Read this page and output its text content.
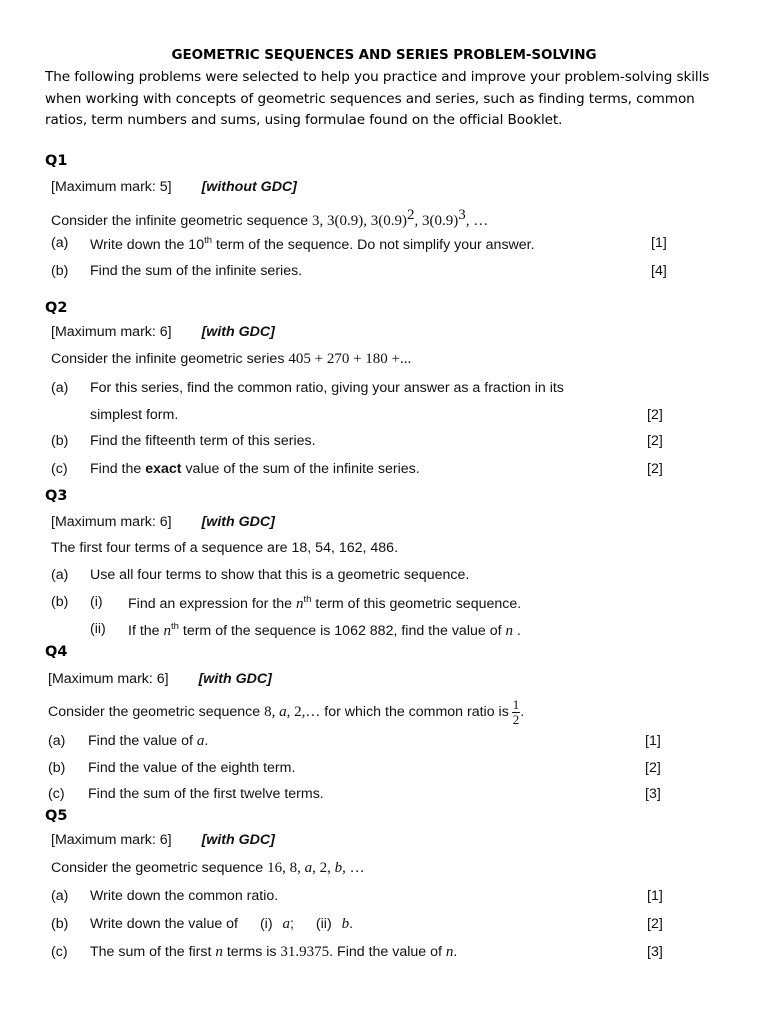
GEOMETRIC SEQUENCES AND SERIES PROBLEM-SOLVING
The following problems were selected to help you practice and improve your problem-solving skills when working with concepts of geometric sequences and series, such as finding terms, common ratios, term numbers and sums, using formulae found on the official Booklet.
Q1
[Maximum mark: 5] [without GDC]
Consider the infinite geometric sequence 3, 3(0.9), $3(0.9)^2$, $3(0.9)^3$, …
(a) Write down the 10th term of the sequence. Do not simplify your answer.	[1]
(b) Find the sum of the infinite series.	[4]
Q2
[Maximum mark: 6] [with GDC]
Consider the infinite geometric series 405 + 270 + 180 +...
(a) For this series, find the common ratio, giving your answer as a fraction in its
simplest form.	[2]
(b) Find the fifteenth term of this series.	[2]
(c) Find the exact value of the sum of the infinite series.	[2]
Q3
[Maximum mark: 6] [with GDC]
The first four terms of a sequence are 18, 54, 162, 486.
(a) Use all four terms to show that this is a geometric sequence.
(b) (i) Find an expression for the $n^{th}$ term of this geometric sequence.
(ii) If the $n^{th}$ term of the sequence is 1062 882, find the value of n .
Q4
[Maximum mark: 6] [with GDC]
Consider the geometric sequence 8, a, 2,… for which the common ratio is $\frac{1}{2}$ .
(a) Find the value of a.	[1]
(b) Find the value of the eighth term.	[2]
(c) Find the sum of the first twelve terms.	[3]
Q5
[Maximum mark: 6] [with GDC]
Consider the geometric sequence 16, 8, a, 2, b, …
(a) Write down the common ratio.	[1]
(b) Write down the value of (i) a; (ii) b.	[2]
(c) The sum of the first n terms is 31.9375. Find the value of n.	[3]
